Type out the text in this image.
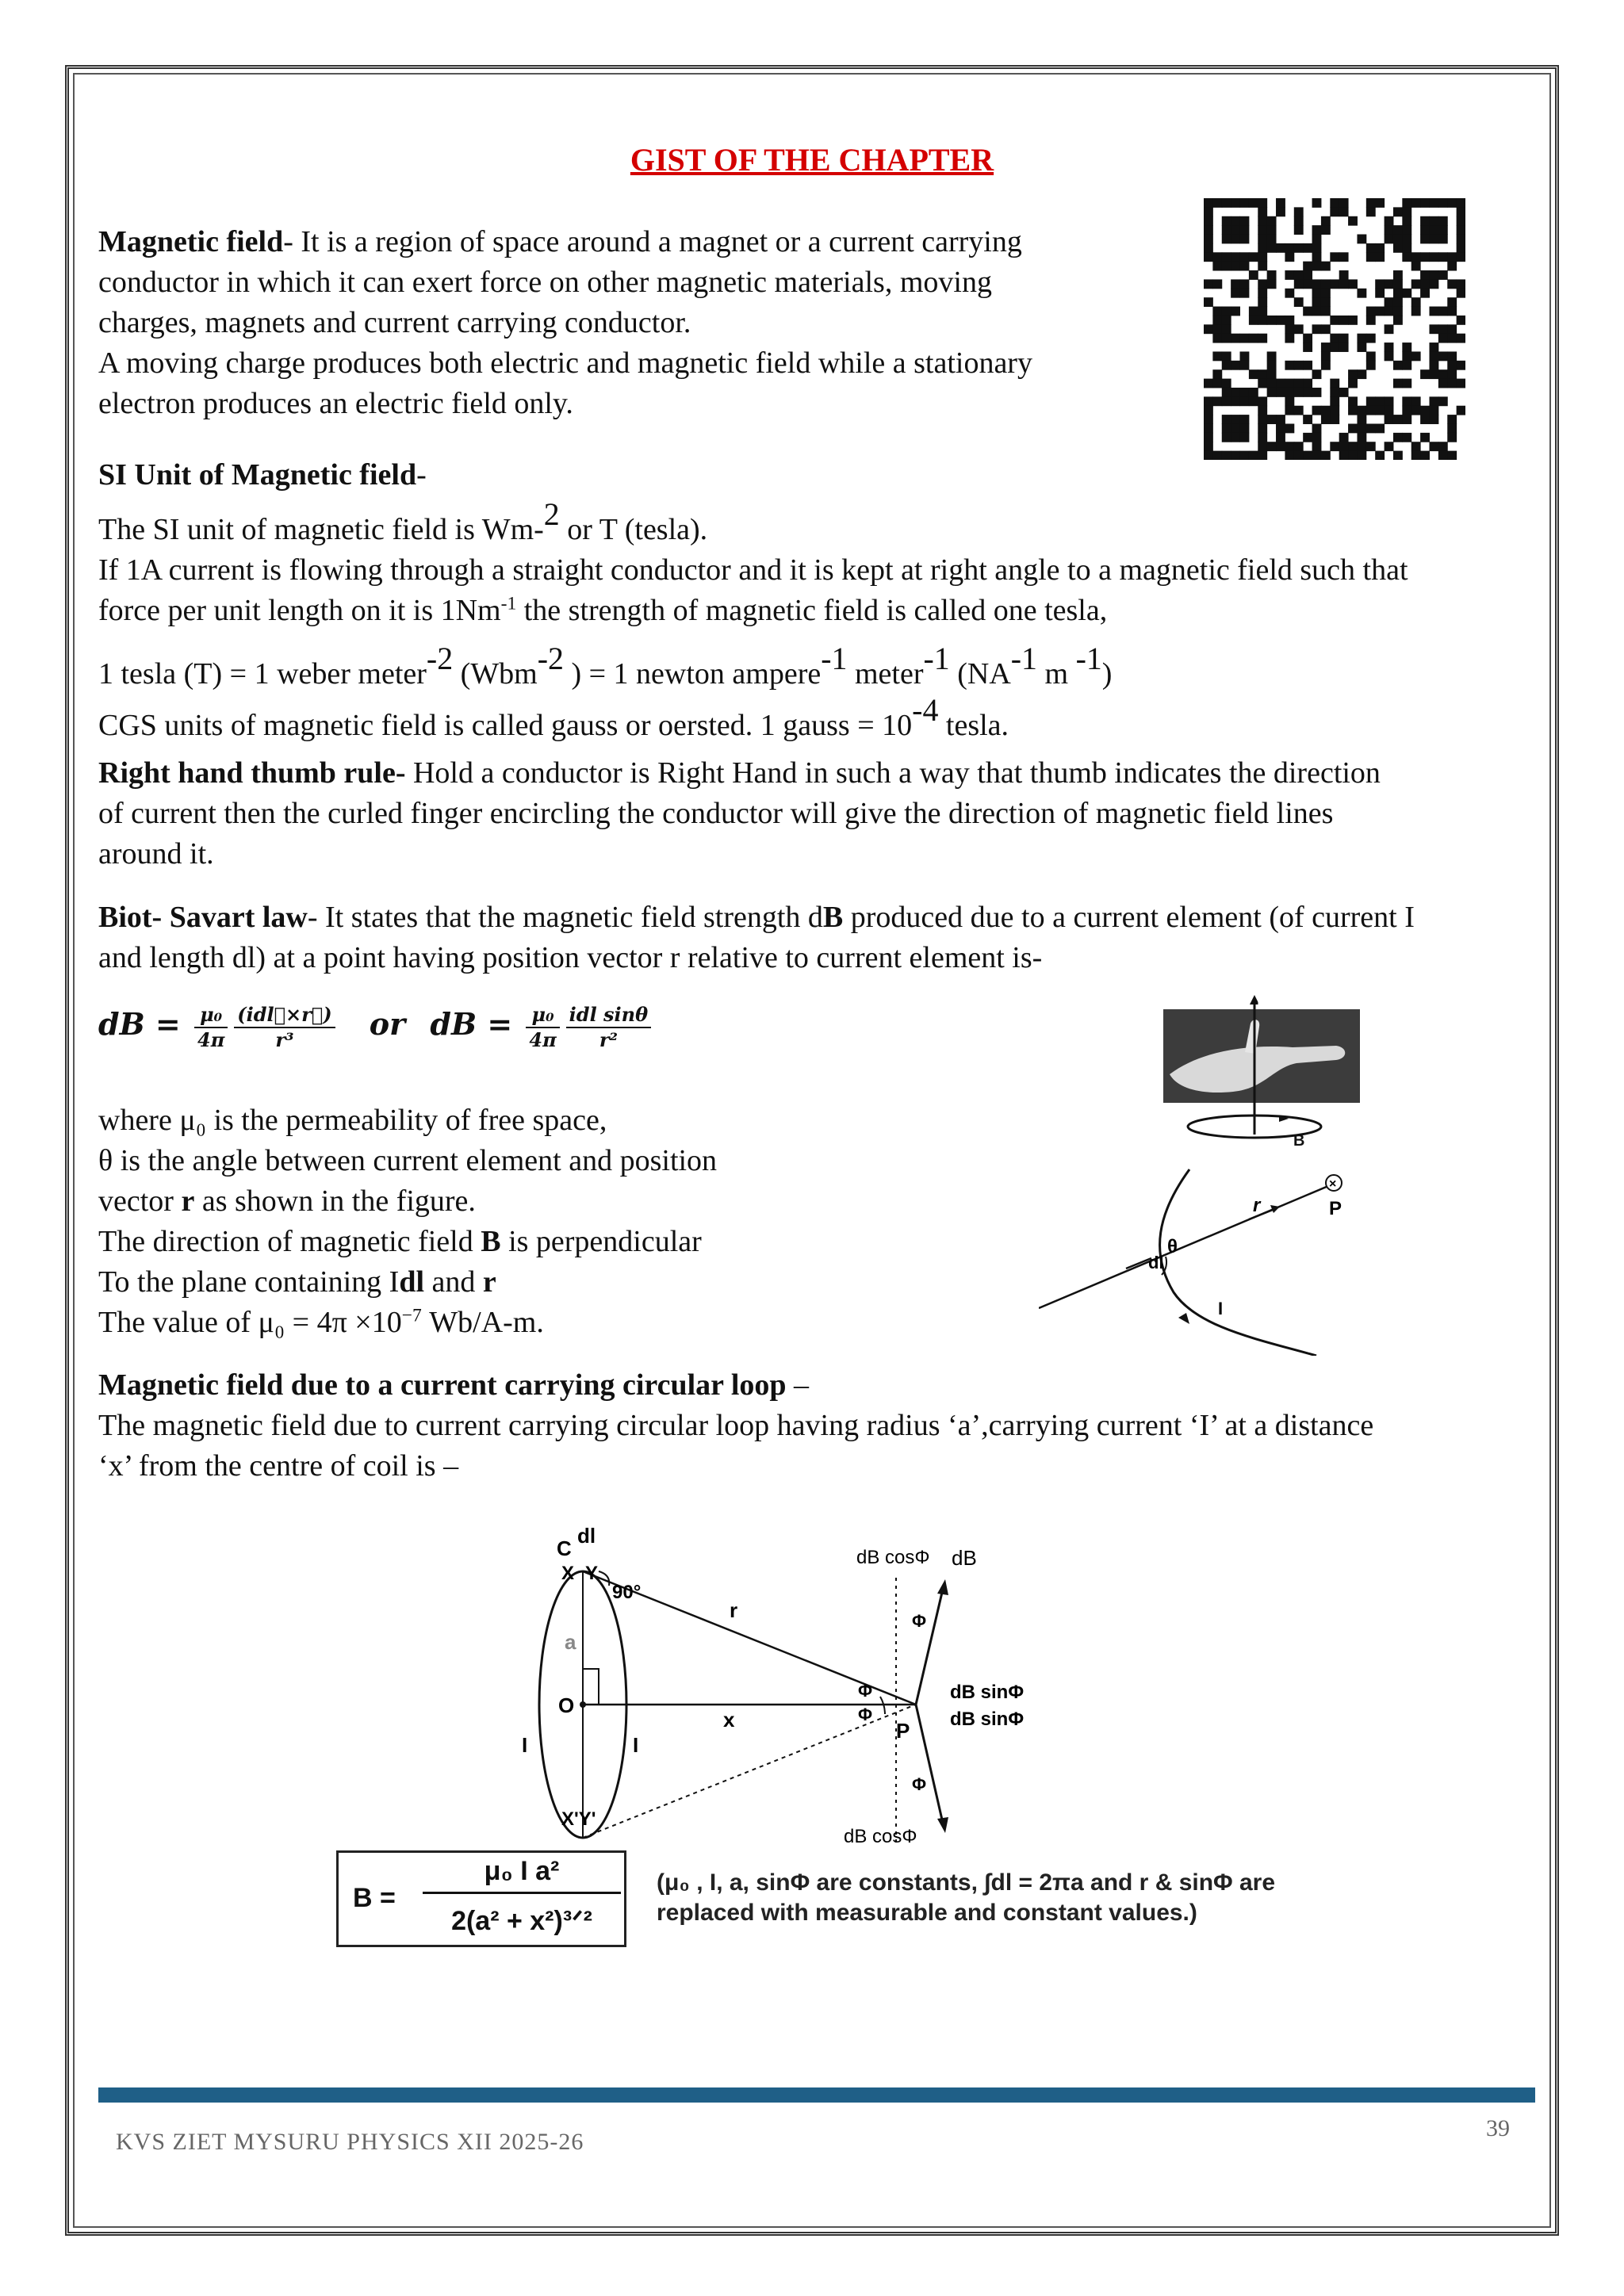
GIST OF THE CHAPTER
Magnetic field- It is a region of space around a magnet or a current carrying
conductor in which it can exert force on other magnetic materials, moving
charges, magnets and current carrying conductor.
A moving charge produces both electric and magnetic field while a stationary
electron produces an electric field only.
SI Unit of Magnetic field-
The SI unit of magnetic field is Wm-$^2$ or T (tesla).
If 1A current is flowing through a straight conductor and it is kept at right angle to a magnetic field such that
force per unit length on it is $1Nm^{-1}$ the strength of magnetic field is called one tesla,
1 tesla (T) = 1 weber meter$^{-2}$ (Wbm$^{-2}$ ) = 1 newton ampere$^{-1}$ meter$^{-1}$ ($NA^{-1}$ m $^{-1}$)
CGS units of magnetic field is called gauss or oersted. 1 gauss = $10^{-4}$ tesla.
Right hand thumb rule- Hold a conductor is Right Hand in such a way that thumb indicates the direction
of current then the curled finger encircling the conductor will give the direction of magnetic field lines
around it.
Biot- Savart law- It states that the magnetic field strength dB produced due to a current element (of current I
and length dl) at a point having position vector r relative to current element is-
dB = $\frac{\text{μ₀}}{4\pi} \frac{\text{(idl⃗×r⃗)}}{\text{r³}}$ or dB = $\frac{\text{μ₀}}{4\pi} \frac{\text{idl sinθ}}{\text{r²}}$
where μ₀ is the permeability of free space,
θ is the angle between current element and position
vector r as shown in the figure.
The direction of magnetic field B is perpendicular
To the plane containing Idl and r
The value of $\mu_0 = 4\pi \times 10^{-7}$ Wb/A-m.
I
B
×
θ
dl
r	P
I
Magnetic field due to a current carrying circular loop –
The magnetic field due to current carrying circular loop having radius ‘a’,carrying current ‘I’ at a distance
‘x’ from the centre of coil is –
C
dl
X Y
90°
r
a
O
x
I	I
X'Y'
P
Φ
Φ
Φ
Φ
dB cosΦ dB
dB sinΦ
dB sinΦ
dB cosΦ
B =
μ₀ I a²
2(a² + x²)³ᐟ²
(μ₀ , I, a, sinΦ are constants, ∫dl = 2πa and r & sinΦ are
replaced with measurable and constant values.)
KVS ZIET MYSURU PHYSICS XII 2025-26
39
